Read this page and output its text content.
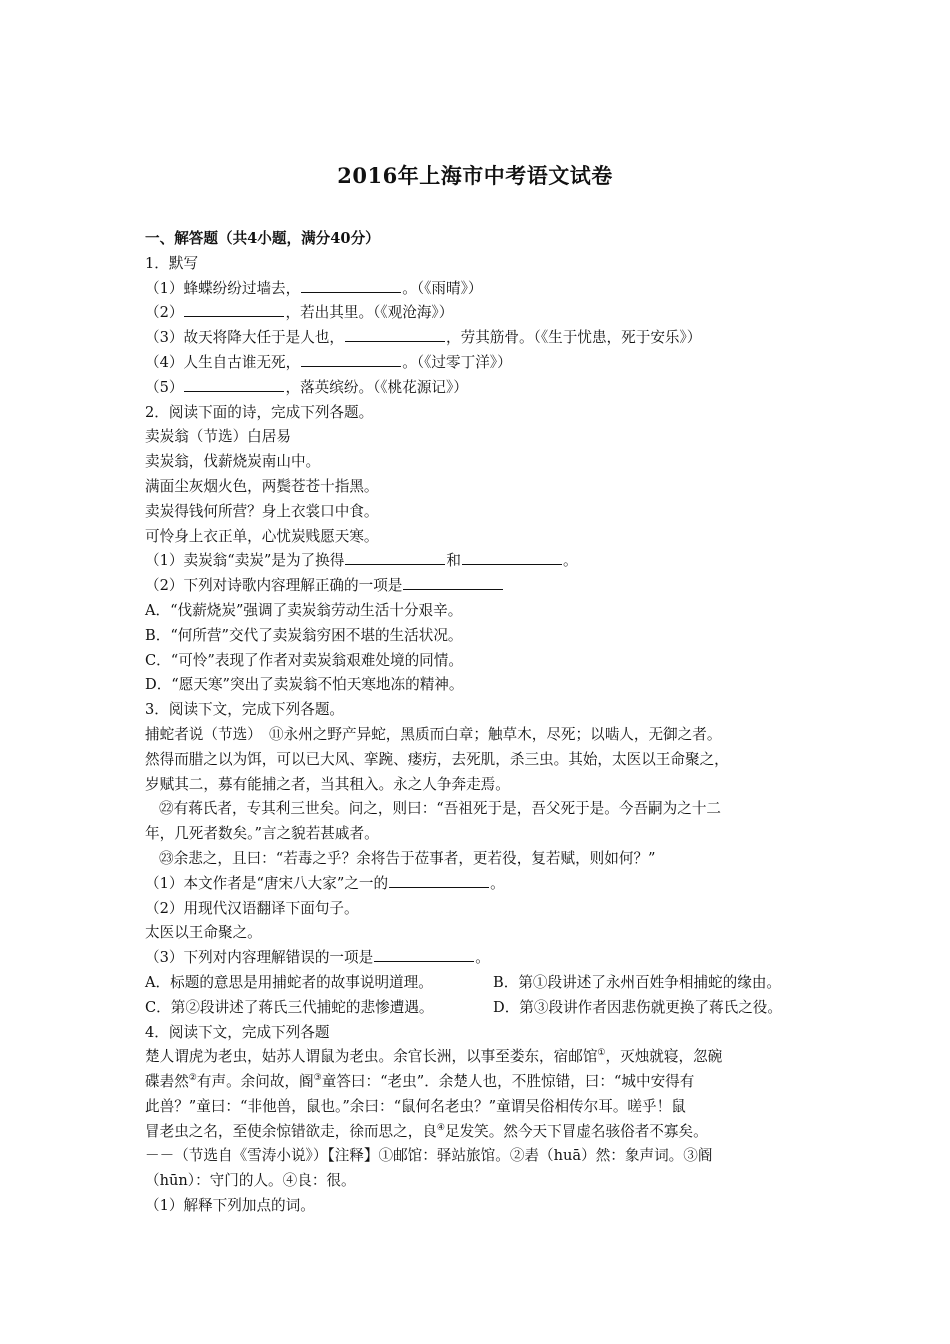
2016年上海市中考语文试卷
一、解答题（共4小题，满分40分）
1．默写
（1）蜂蝶纷纷过墙去，	。（《雨晴》）
（2）	，若出其里。（《观沧海》）
（3）故天将降大任于是人也，	，劳其筋骨。（《生于忧患，死于安乐》）
（4）人生自古谁无死，	。（《过零丁洋》）
（5）	，落英缤纷。（《桃花源记》）
2．阅读下面的诗，完成下列各题。
卖炭翁（节选）白居易
卖炭翁，伐薪烧炭南山中。
满面尘灰烟火色，两鬓苍苍十指黑。
卖炭得钱何所营？身上衣裳口中食。
可怜身上衣正单，心忧炭贱愿天寒。
（1）卖炭翁“卖炭”是为了换得	和	。
（2）下列对诗歌内容理解正确的一项是
A．“伐薪烧炭”强调了卖炭翁劳动生活十分艰辛。
B．“何所营”交代了卖炭翁穷困不堪的生活状况。
C．“可怜”表现了作者对卖炭翁艰难处境的同情。
D．“愿天寒”突出了卖炭翁不怕天寒地冻的精神。
3．阅读下文，完成下列各题。
捕蛇者说（节选）　⑪永州之野产异蛇，黑质而白章；触草木，尽死；以啮人，无御之者。
然得而腊之以为饵，可以已大风、挛踠、瘘疠，去死肌，杀三虫。其始，太医以王命聚之，
岁赋其二，募有能捕之者，当其租入。永之人争奔走焉。
㉒有蒋氏者，专其利三世矣。问之，则曰：“吾祖死于是，吾父死于是。今吾嗣为之十二
年，几死者数矣。”言之貌若甚戚者。
㉓余悲之，且曰：“若毒之乎？余将告于莅事者，更若役，复若赋，则如何？”
（1）本文作者是“唐宋八大家”之一的	。
（2）用现代汉语翻译下面句子。
太医以王命聚之。
（3）下列对内容理解错误的一项是	。
A．标题的意思是用捕蛇者的故事说明道理。	B．第①段讲述了永州百姓争相捕蛇的缘由。
C．第②段讲述了蒋氏三代捕蛇的悲惨遭遇。	D．第③段讲作者因悲伤就更换了蒋氏之役。
4．阅读下文，完成下列各题
楚人谓虎为老虫，姑苏人谓鼠为老虫。余官长洲，以事至娄东，宿邮馆①，灭烛就寝，忽碗
碟砉然②有声。余问故，阍③童答曰：“老虫”．余楚人也，不胜惊错，曰：“城中安得有
此兽？”童曰：“非他兽，鼠也。”余曰：“鼠何名老虫？”童谓吴俗相传尔耳。嗟乎！鼠
冒老虫之名，至使余惊错欲走，徐而思之，良④足发笑。然今天下冒虚名骇俗者不寡矣。
－－（节选自《雪涛小说》）【注释】①邮馆：驿站旅馆。②砉（huā）然：象声词。③阍
（hūn）：守门的人。④良：很。
（1）解释下列加点的词。
